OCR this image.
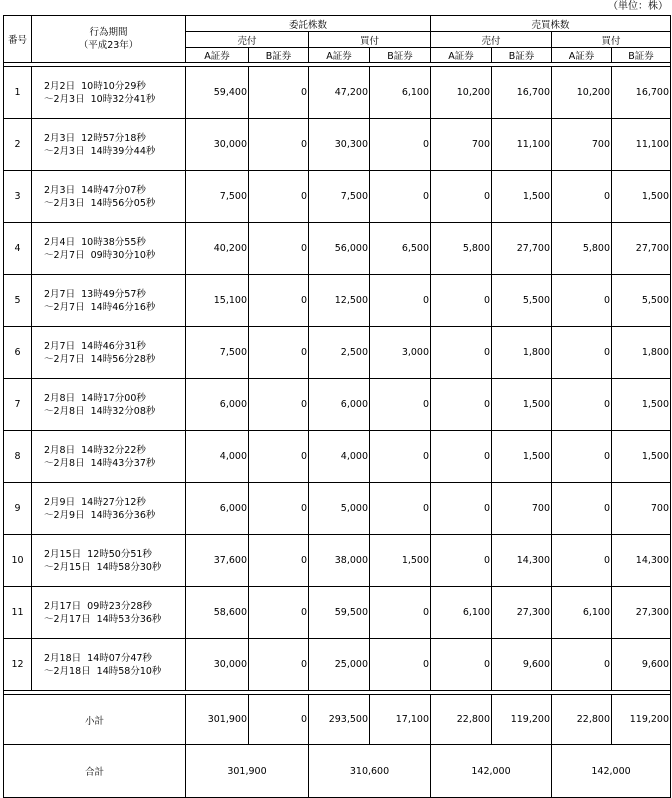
（単位：株）
番号	行為期間
（平成23年）	委託株数				売買株数			
		売付		買付		売付		買付	
		A証券	B証券	A証券	B証券	A証券	B証券	A証券	B証券

1	2月2日  10時10分29秒
～2月3日  10時32分41秒	59,400	0	47,200	6,100	10,200	16,700	10,200	16,700
2	2月3日  12時57分18秒
～2月3日  14時39分44秒	30,000	0	30,300	0	700	11,100	700	11,100
3	2月3日  14時47分07秒
～2月3日  14時56分05秒	7,500	0	7,500	0	0	1,500	0	1,500
4	2月4日  10時38分55秒
～2月7日  09時30分10秒	40,200	0	56,000	6,500	5,800	27,700	5,800	27,700
5	2月7日  13時49分57秒
～2月7日  14時46分16秒	15,100	0	12,500	0	0	5,500	0	5,500
6	2月7日  14時46分31秒
～2月7日  14時56分28秒	7,500	0	2,500	3,000	0	1,800	0	1,800
7	2月8日  14時17分00秒
～2月8日  14時32分08秒	6,000	0	6,000	0	0	1,500	0	1,500
8	2月8日  14時32分22秒
～2月8日  14時43分37秒	4,000	0	4,000	0	0	1,500	0	1,500
9	2月9日  14時27分12秒
～2月9日  14時36分36秒	6,000	0	5,000	0	0	700	0	700
10	2月15日  12時50分51秒
～2月15日  14時58分30秒	37,600	0	38,000	1,500	0	14,300	0	14,300
11	2月17日  09時23分28秒
～2月17日  14時53分36秒	58,600	0	59,500	0	6,100	27,300	6,100	27,300
12	2月18日  14時07分47秒
～2月18日  14時58分10秒	30,000	0	25,000	0	0	9,600	0	9,600

小計		301,900	0	293,500	17,100	22,800	119,200	22,800	119,200
合計		301,900		310,600		142,000		142,000	
